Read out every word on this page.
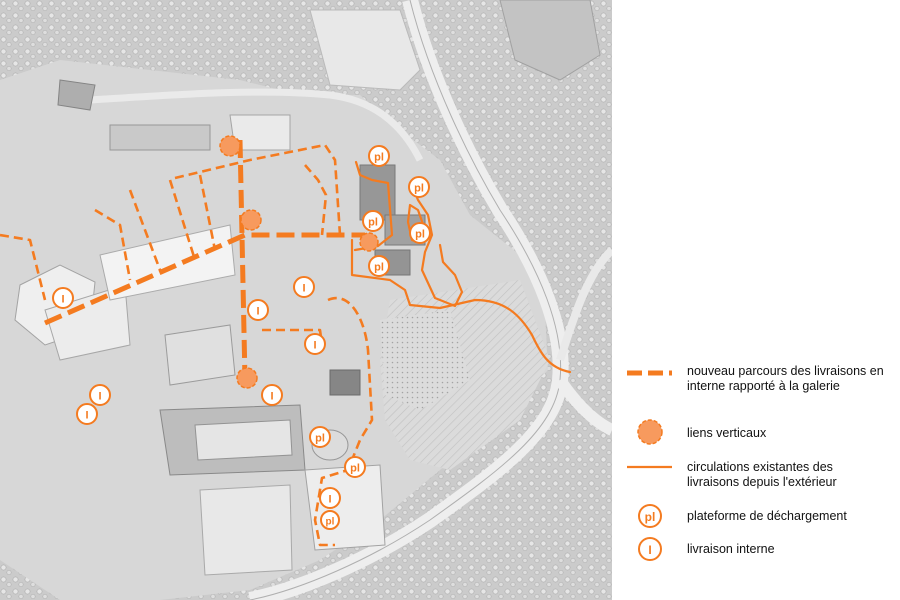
pl
pl
pl
pl
pl
pl
pl
pl
I
I
I
I
I
I
I
I
pl
I
nouveau parcours des livraisons en interne rapporté à la galerie
liens verticaux
circulations existantes des livraisons depuis l'extérieur
plateforme de déchargement
livraison interne
